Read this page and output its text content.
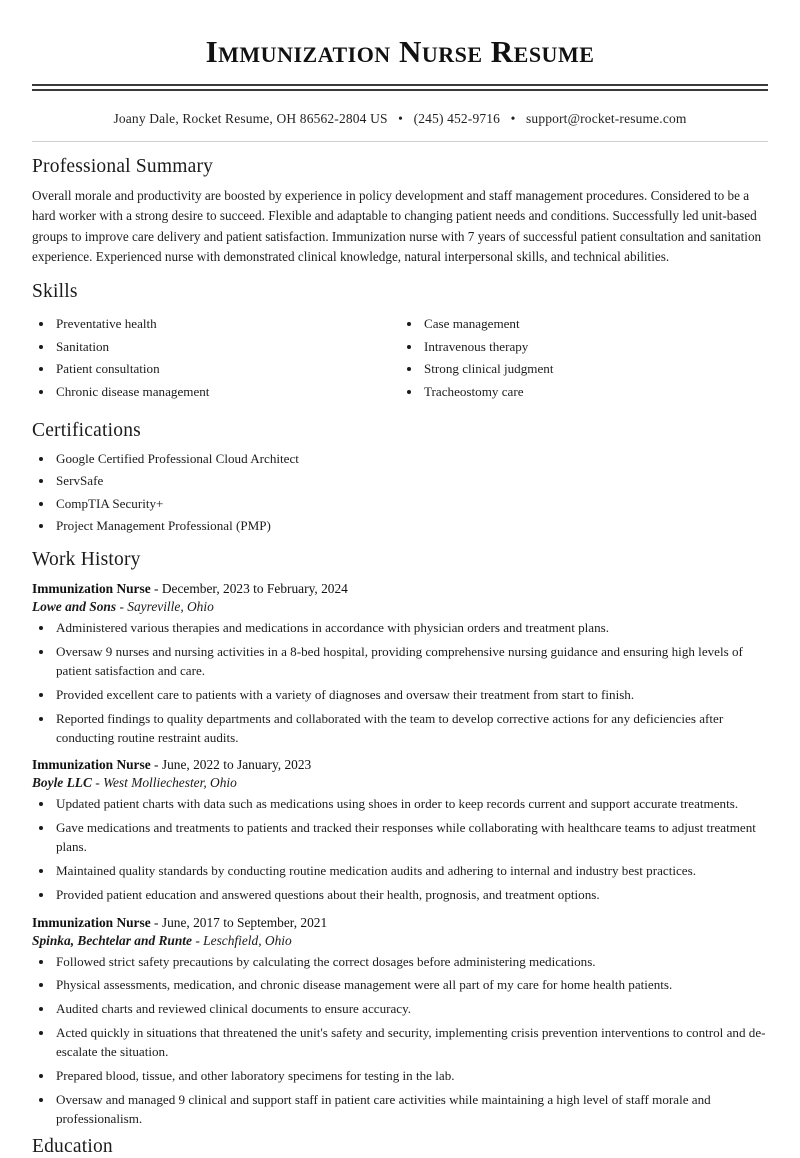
Immunization Nurse Resume
Joany Dale, Rocket Resume, OH 86562-2804 US • (245) 452-9716 • support@rocket-resume.com
Professional Summary

Overall morale and productivity are boosted by experience in policy development and staff management procedures. Considered to be a hard worker with a strong desire to succeed. Flexible and adaptable to changing patient needs and conditions. Successfully led unit-based groups to improve care delivery and patient satisfaction. Immunization nurse with 7 years of successful patient consultation and sanitation experience. Experienced nurse with demonstrated clinical knowledge, natural interpersonal skills, and technical abilities.

Skills
• Preventative health
• Sanitation
• Patient consultation
• Chronic disease management
• Case management
• Intravenous therapy
• Strong clinical judgment
• Tracheostomy care
Certifications
• Google Certified Professional Cloud Architect
• ServSafe
• CompTIA Security+
• Project Management Professional (PMP)
Work History
Immunization Nurse - December, 2023 to February, 2024
Lowe and Sons - Sayreville, Ohio
• Administered various therapies and medications in accordance with physician orders and treatment plans.
• Oversaw 9 nurses and nursing activities in a 8-bed hospital, providing comprehensive nursing guidance and ensuring high levels of patient satisfaction and care.
• Provided excellent care to patients with a variety of diagnoses and oversaw their treatment from start to finish.
• Reported findings to quality departments and collaborated with the team to develop corrective actions for any deficiencies after conducting routine restraint audits.
Immunization Nurse - June, 2022 to January, 2023
Boyle LLC - West Molliechester, Ohio
• Updated patient charts with data such as medications using shoes in order to keep records current and support accurate treatments.
• Gave medications and treatments to patients and tracked their responses while collaborating with healthcare teams to adjust treatment plans.
• Maintained quality standards by conducting routine medication audits and adhering to internal and industry best practices.
• Provided patient education and answered questions about their health, prognosis, and treatment options.
Immunization Nurse - June, 2017 to September, 2021
Spinka, Bechtelar and Runte - Leschfield, Ohio
• Followed strict safety precautions by calculating the correct dosages before administering medications.
• Physical assessments, medication, and chronic disease management were all part of my care for home health patients.
• Audited charts and reviewed clinical documents to ensure accuracy.
• Acted quickly in situations that threatened the unit's safety and security, implementing crisis prevention interventions to control and de-escalate the situation.
• Prepared blood, tissue, and other laboratory specimens for testing in the lab.
• Oversaw and managed 9 clinical and support staff in patient care activities while maintaining a high level of staff morale and professionalism.
Education
